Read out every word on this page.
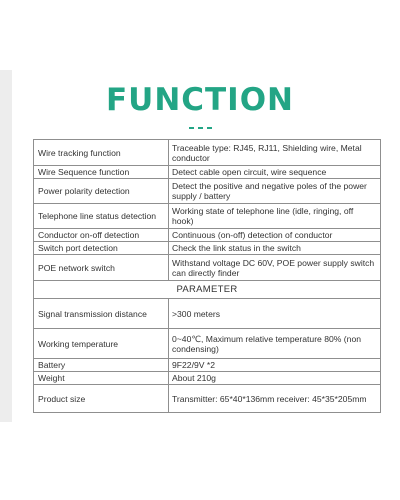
FUNCTION
Wire tracking function	Traceable type: RJ45, RJ11, Shielding wire, Metal conductor
Wire Sequence function	Detect cable open circuit, wire sequence
Power polarity detection	Detect the positive and negative poles of the power supply / battery
Telephone line status detection	Working state of telephone line (idle, ringing, off hook)
Conductor on-off detection	Continuous (on-off) detection of conductor
Switch port detection	Check the link status in the switch
POE network switch	Withstand voltage DC 60V, POE power supply switch can directly finder
PARAMETER	
Signal transmission distance	>300 meters
Working temperature	0~40℃, Maximum relative temperature 80% (non condensing)
Battery	9F22/9V *2
Weight	About 210g
Product size	Transmitter: 65*40*136mm receiver: 45*35*205mm
